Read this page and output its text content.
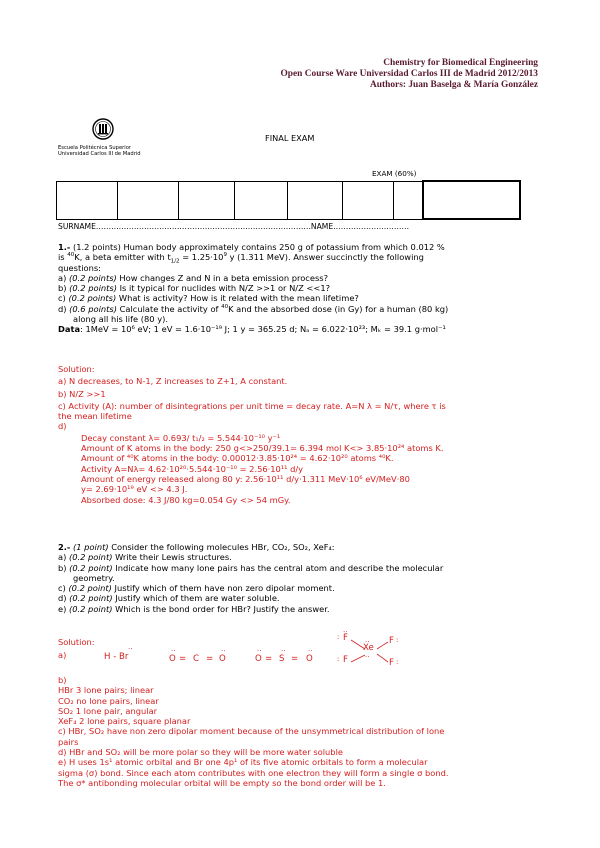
Chemistry for Biomedical Engineering
Open Course Ware Universidad Carlos III de Madrid 2012/2013
Authors: Juan Baselga & María González
Escuela Politécnica Superior
Universidad Carlos III de Madrid
FINAL EXAM
EXAM (60%)

SURNAME………………………………………………………………………….NAME…………………………
1.- (1.2 points) Human body approximately contains 250 g of potassium from which 0.012 %
is $^{40}$K, a beta emitter with $t_{1/2} = 1.25\cdot 10^9$ y (1.311 MeV). Answer succinctly the following
questions:
a) (0.2 points) How changes Z and N in a beta emission process?
b) (0.2 points) Is it typical for nuclides with N/Z >>1 or N/Z <<1?
c) (0.2 points) What is activity? How is it related with the mean lifetime?
d) (0.6 points) Calculate the activity of $^{40}$K and the absorbed dose (in Gy) for a human (80 kg)
along all his life (80 y).
Data: 1MeV = 10⁶ eV; 1 eV = 1.6·10⁻¹⁹ J; 1 y = 365.25 d; Nₐ = 6.022·10²³; Mₖ = 39.1 g·mol⁻¹
Solution:
a) N decreases, to N-1, Z increases to Z+1, A constant.
b) N/Z >>1
c) Activity (A): number of disintegrations per unit time = decay rate. A=N λ = N/τ, where τ is
the mean lifetime
d)
Decay constant λ= 0.693/ t₁/₂ = 5.544·10⁻¹⁰ y⁻¹
Amount of K atoms in the body: 250 g<>250/39.1= 6.394 mol K<> 3.85·10²⁴ atoms K.
Amount of ⁴⁰K atoms in the body: 0.00012·3.85·10²⁴ = 4.62·10²⁰ atoms ⁴⁰K.
Activity A=Nλ= 4.62·10²⁰·5.544·10⁻¹⁰ = 2.56·10¹¹ d/y
Amount of energy released along 80 y: 2.56·10¹¹ d/y·1.311 MeV·10⁶ eV/MeV·80
y= 2.69·10¹⁹ eV <> 4.3 J.
Absorbed dose: 4.3 J/80 kg=0.054 Gy <> 54 mGy.
2.- (1 point) Consider the following molecules HBr, CO₂, SO₂, XeF₄:
a) (0.2 point) Write their Lewis structures.
b) (0.2 point) Indicate how many lone pairs has the central atom and describe the molecular
geometry.
c) (0.2 point) Justify which of them have non zero dipolar moment.
d) (0.2 point) Justify which of them are water soluble.
e) (0.2 point) Which is the bond order for HBr? Justify the answer.
Solution:
a)	H - Br
..
O = C = O
..	..
O = S = O
..	..	..
F
F
Xe
F
F
:
:
:
:
..
..
..
b)
HBr 3 lone pairs; linear
CO₂ no lone pairs, linear
SO₂ 1 lone pair, angular
XeF₄ 2 lone pairs, square planar
c) HBr, SO₂ have non zero dipolar moment because of the unsymmetrical distribution of lone
pairs
d) HBr and SO₂ will be more polar so they will be more water soluble
e) H uses 1s¹ atomic orbital and Br one 4p¹ of its five atomic orbitals to form a molecular
sigma (σ) bond. Since each atom contributes with one electron they will form a single σ bond.
The σ* antibonding molecular orbital will be empty so the bond order will be 1.
